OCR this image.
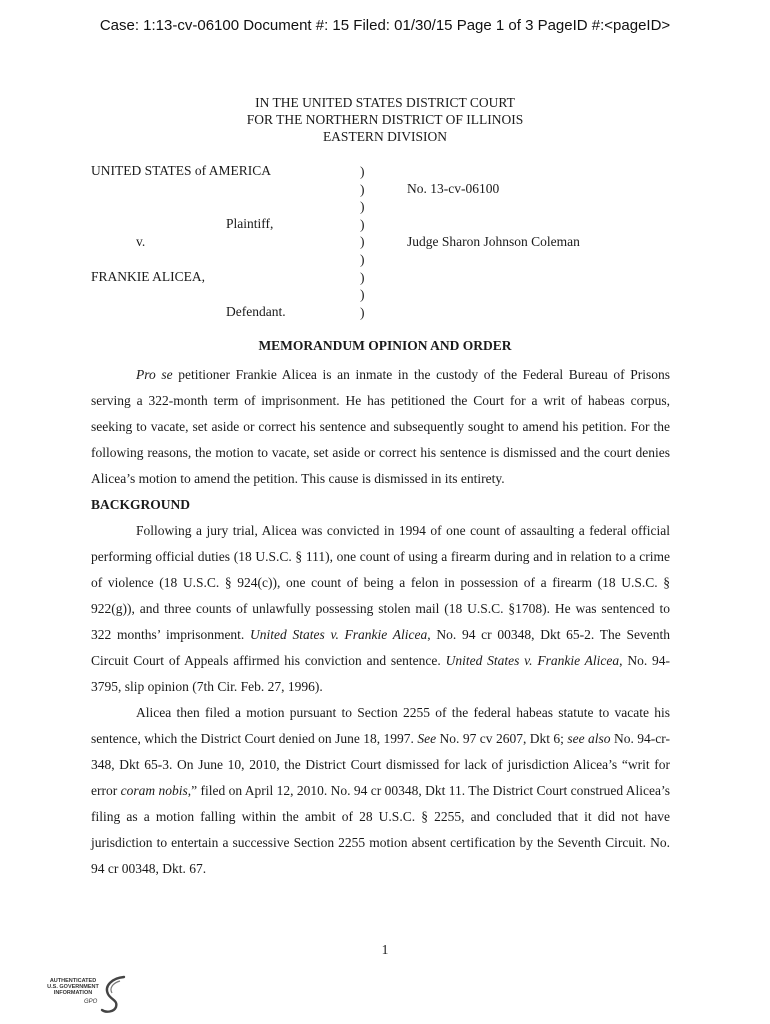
Case: 1:13-cv-06100 Document #: 15 Filed: 01/30/15 Page 1 of 3 PageID #:<pageID>
IN THE UNITED STATES DISTRICT COURT
FOR THE NORTHERN DISTRICT OF ILLINOIS
EASTERN DIVISION
UNITED STATES of AMERICA
Plaintiff,
v.
FRANKIE ALICEA,
Defendant.
)
)
)
)
)
)
)
)
)
No. 13-cv-06100
Judge Sharon Johnson Coleman
MEMORANDUM OPINION AND ORDER

Pro se petitioner Frankie Alicea is an inmate in the custody of the Federal Bureau of Prisons serving a 322-month term of imprisonment. He has petitioned the Court for a writ of habeas corpus, seeking to vacate, set aside or correct his sentence and subsequently sought to amend his petition. For the following reasons, the motion to vacate, set aside or correct his sentence is dismissed and the court denies Alicea’s motion to amend the petition. This cause is dismissed in its entirety.

BACKGROUND

Following a jury trial, Alicea was convicted in 1994 of one count of assaulting a federal official performing official duties (18 U.S.C. § 111), one count of using a firearm during and in relation to a crime of violence (18 U.S.C. § 924(c)), one count of being a felon in possession of a firearm (18 U.S.C. § 922(g)), and three counts of unlawfully possessing stolen mail (18 U.S.C. §1708). He was sentenced to 322 months’ imprisonment. United States v. Frankie Alicea, No. 94 cr 00348, Dkt 65-2. The Seventh Circuit Court of Appeals affirmed his conviction and sentence. United States v. Frankie Alicea, No. 94-3795, slip opinion (7th Cir. Feb. 27, 1996).

Alicea then filed a motion pursuant to Section 2255 of the federal habeas statute to vacate his sentence, which the District Court denied on June 18, 1997. See No. 97 cv 2607, Dkt 6; see also No. 94-cr-348, Dkt 65-3. On June 10, 2010, the District Court dismissed for lack of jurisdiction Alicea’s “writ for error coram nobis,” filed on April 12, 2010. No. 94 cr 00348, Dkt 11. The District Court construed Alicea’s filing as a motion falling within the ambit of 28 U.S.C. § 2255, and concluded that it did not have jurisdiction to entertain a successive Section 2255 motion absent certification by the Seventh Circuit. No. 94 cr 00348, Dkt. 67.

1
AUTHENTICATED
U.S. GOVERNMENT
INFORMATION
GPO
